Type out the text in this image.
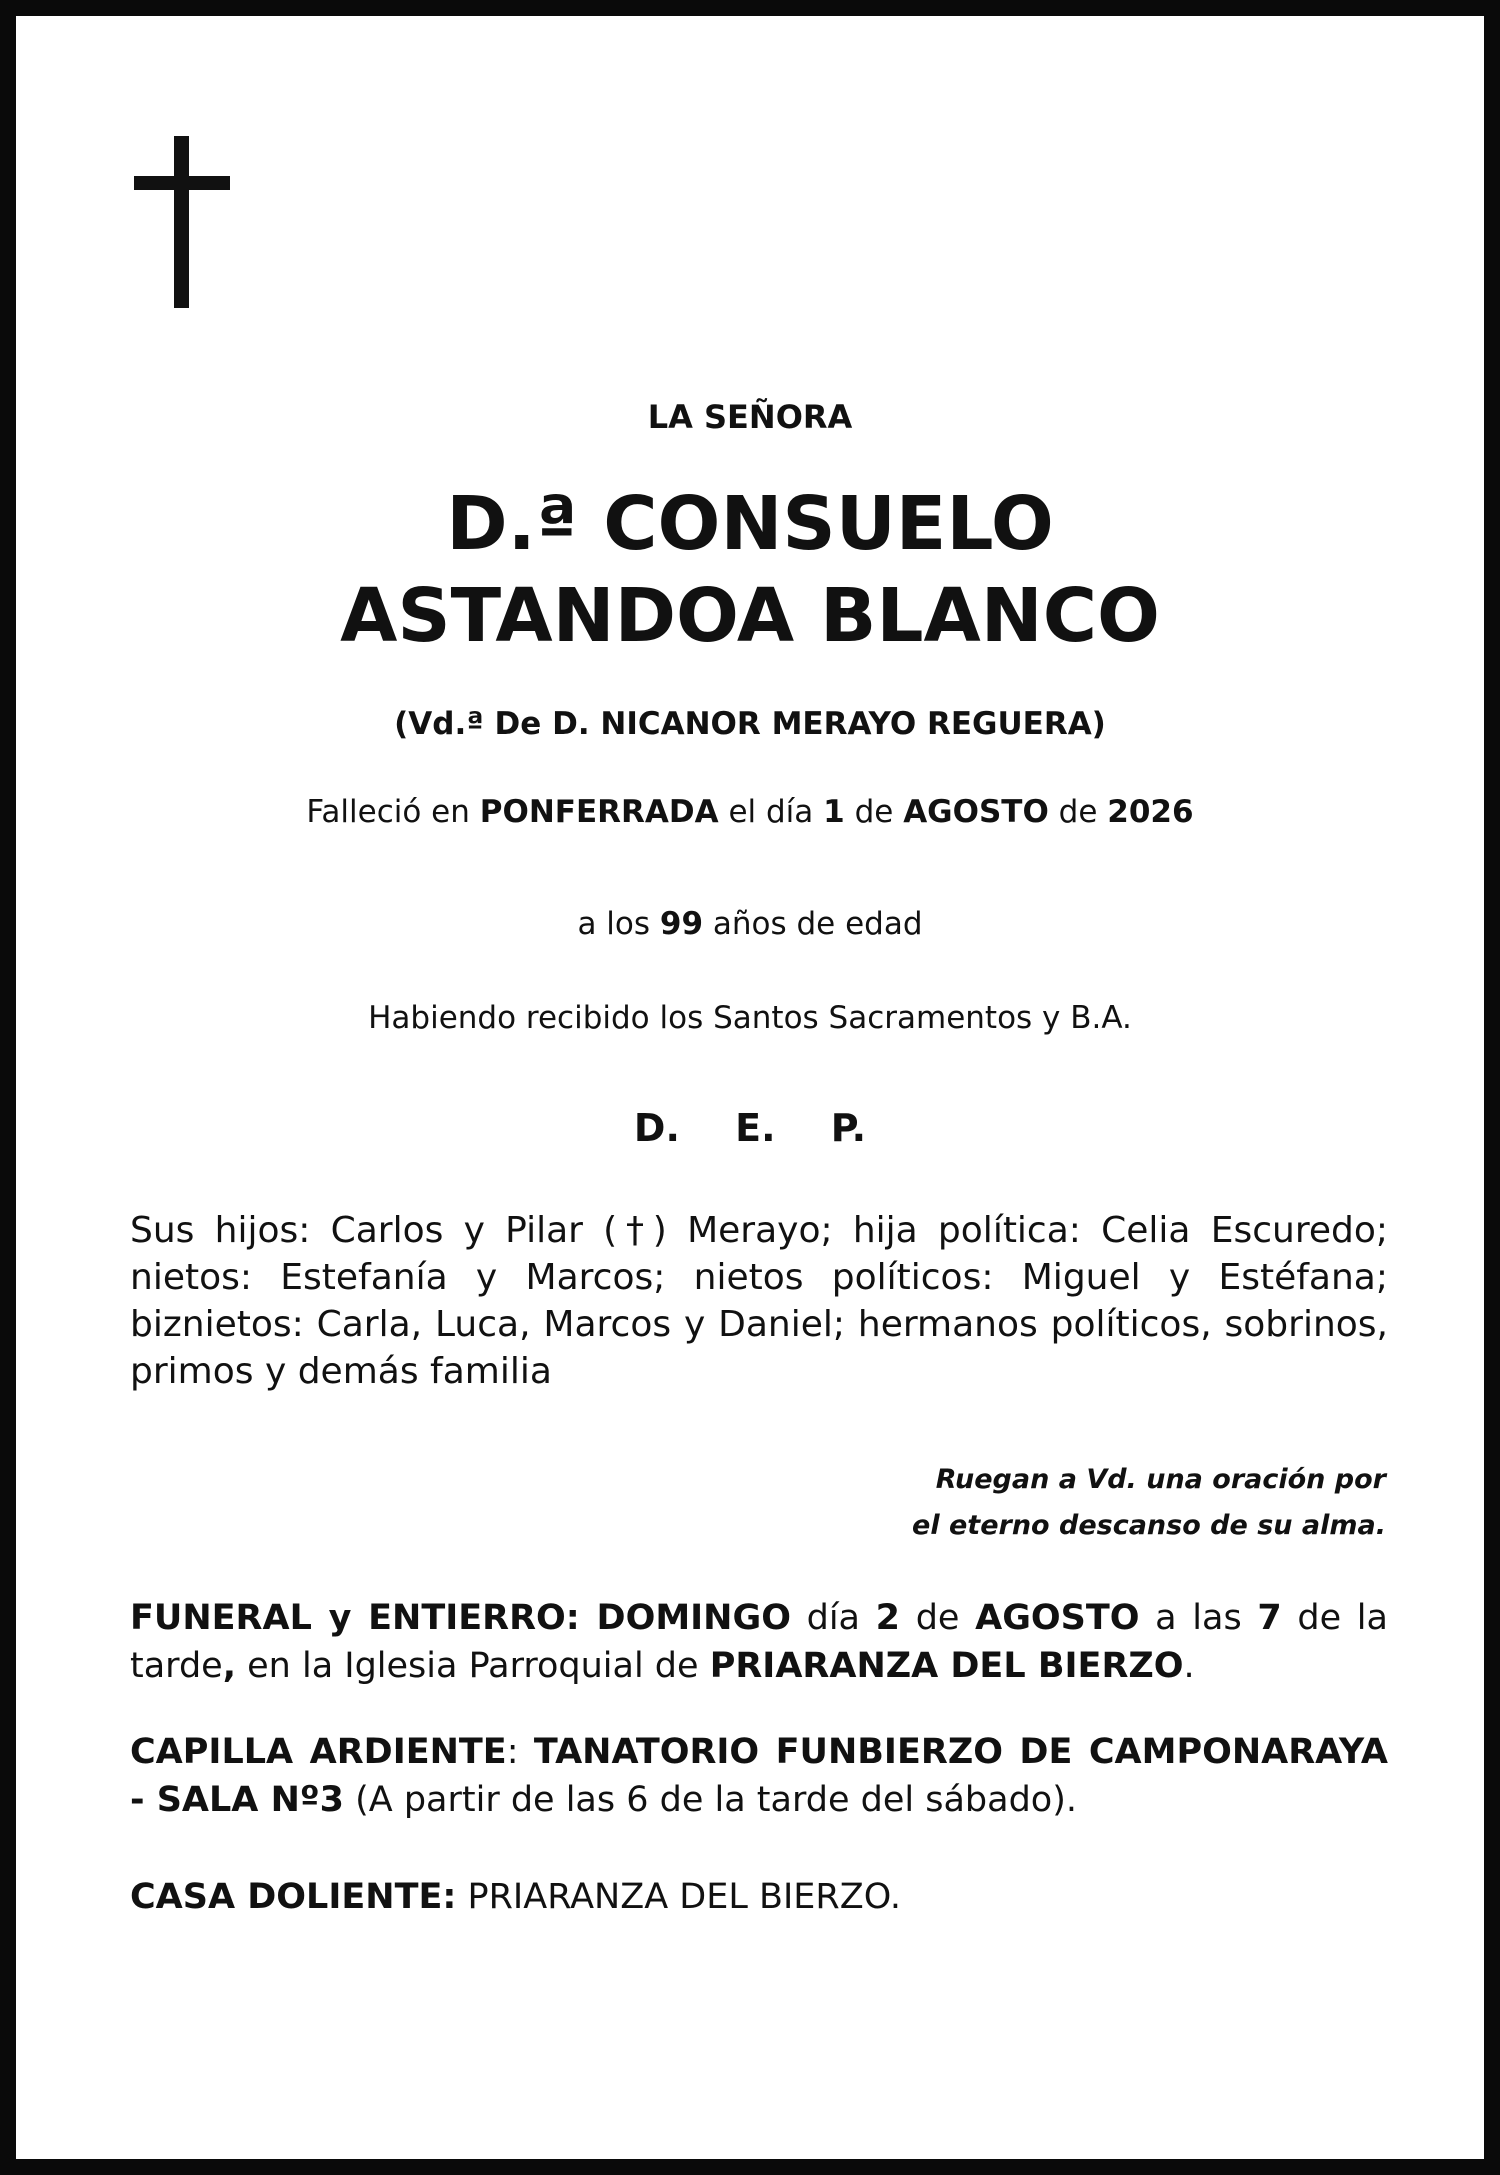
LA SEÑORA
D.ª CONSUELO
ASTANDOA BLANCO
(Vd.ª De D. NICANOR MERAYO REGUERA)
Falleció en PONFERRADA el día 1 de AGOSTO de 2026
a los 99 años de edad
Habiendo recibido los Santos Sacramentos y B.A.
D. E. P.
Sus hijos: Carlos y Pilar (†) Merayo; hija política: Celia Escuredo; nietos: Estefanía y Marcos; nietos políticos: Miguel y Estéfana; biznietos: Carla, Luca, Marcos y Daniel; hermanos políticos, sobrinos, primos y demás familia
Ruegan a Vd. una oración por
el eterno descanso de su alma.
FUNERAL y ENTIERRO: DOMINGO día 2 de AGOSTO a las 7 de la tarde, en la Iglesia Parroquial de PRIARANZA DEL BIERZO.
CAPILLA ARDIENTE: TANATORIO FUNBIERZO DE CAMPONARAYA - SALA Nº3 (A partir de las 6 de la tarde del sábado).
CASA DOLIENTE: PRIARANZA DEL BIERZO.
